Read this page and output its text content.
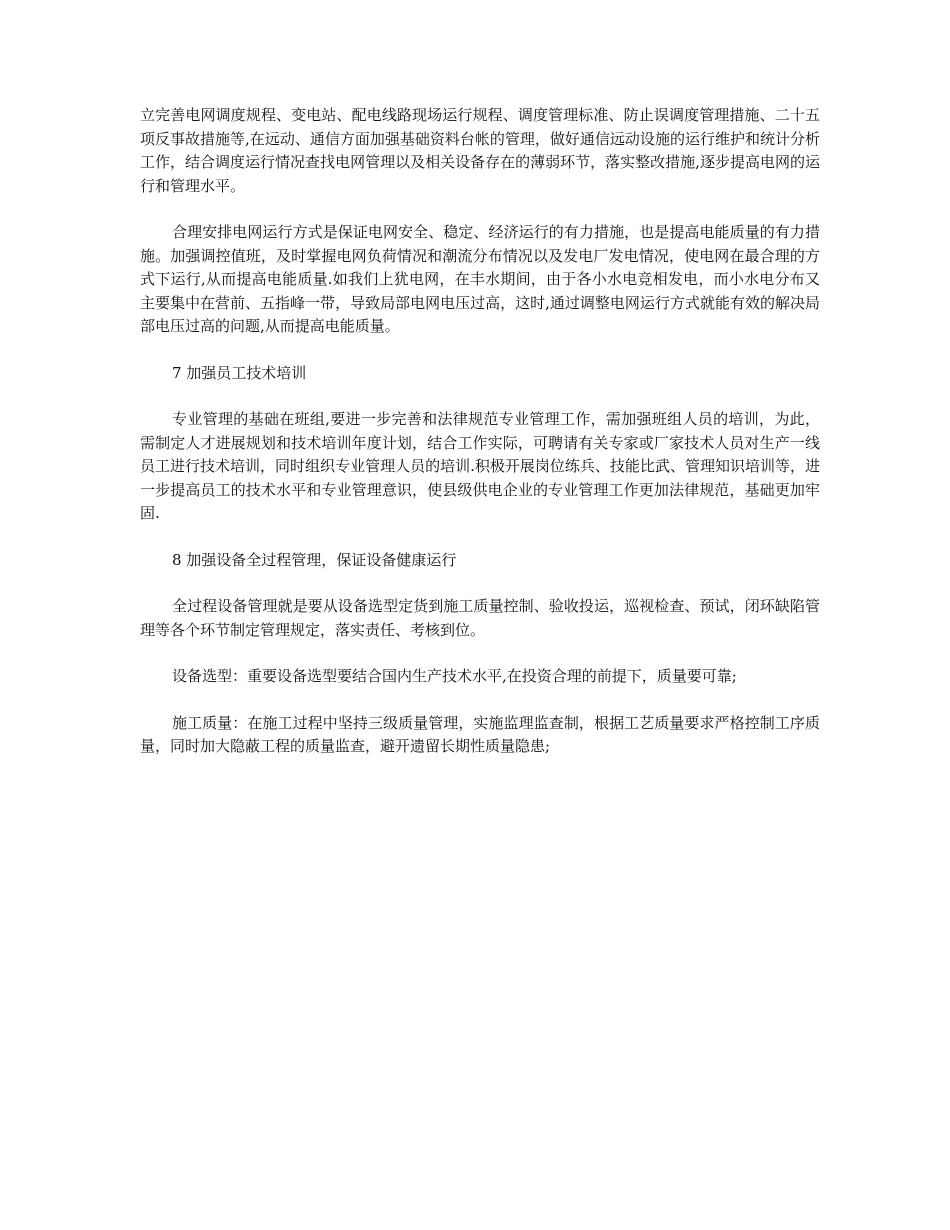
立完善电网调度规程、变电站、配电线路现场运行规程、调度管理标准、防止误调度管理措施、二十五项反事故措施等,在远动、通信方面加强基础资料台帐的管理，做好通信远动设施的运行维护和统计分析工作，结合调度运行情况查找电网管理以及相关设备存在的薄弱环节，落实整改措施,逐步提高电网的运行和管理水平。

合理安排电网运行方式是保证电网安全、稳定、经济运行的有力措施，也是提高电能质量的有力措施。加强调控值班，及时掌握电网负荷情况和潮流分布情况以及发电厂发电情况，使电网在最合理的方式下运行,从而提高电能质量.如我们上犹电网，在丰水期间，由于各小水电竞相发电，而小水电分布又主要集中在营前、五指峰一带，导致局部电网电压过高，这时,通过调整电网运行方式就能有效的解决局部电压过高的问题,从而提高电能质量。

7 加强员工技术培训

专业管理的基础在班组,要进一步完善和法律规范专业管理工作，需加强班组人员的培训，为此，需制定人才进展规划和技术培训年度计划，结合工作实际，可聘请有关专家或厂家技术人员对生产一线员工进行技术培训，同时组织专业管理人员的培训.积极开展岗位练兵、技能比武、管理知识培训等，进一步提高员工的技术水平和专业管理意识，使县级供电企业的专业管理工作更加法律规范，基础更加牢固.

8 加强设备全过程管理，保证设备健康运行

全过程设备管理就是要从设备选型定货到施工质量控制、验收投运，巡视检查、预试，闭环缺陷管理等各个环节制定管理规定，落实责任、考核到位。

设备选型：重要设备选型要结合国内生产技术水平,在投资合理的前提下，质量要可靠;

施工质量：在施工过程中坚持三级质量管理，实施监理监查制，根据工艺质量要求严格控制工序质量，同时加大隐蔽工程的质量监查，避开遗留长期性质量隐患;
